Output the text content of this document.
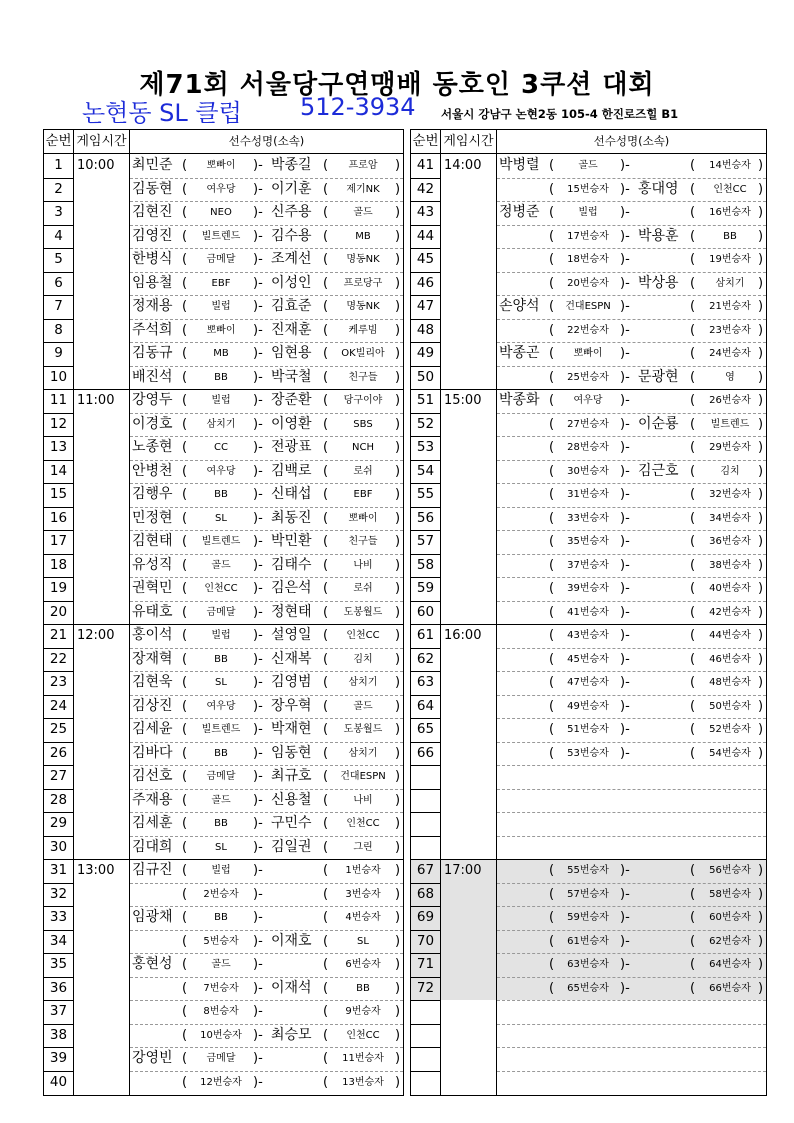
제71회 서울당구연맹배 동호인 3쿠션 대회
논현동 SL 클럽 512-3934 서울시 강남구 논현2동 105-4 한진로즈힐 B1
순번 게임시간	선수성명(소속)
1	10:00	최민준 (	뽀빠이	)- 박종길 (	프로암	)
2	김동현 (	여우당	)- 이기훈 (	제기NK	)
3	김현진 (	NEO	)- 신주용 (	골드	)
4	김영진 (	빌트렌드 )- 김수용 (	MB	)
5	한병식 (	금메달	)- 조계선 (	명동NK	)
6	임용철 (	EBF	)- 이성인 (	프로당구 )
7	정재용 (	빌럽	)- 김효준 (	명동NK	)
8	주석희 (	뽀빠이	)- 진재훈 (	케루빔	)
9	김동규 (	MB	)- 임현용 (	OK빌리아 )
10	배진석 (	BB	)- 박국철 (	친구들	)
11 11:00	강영두 (	빌럽	)- 장준환 (	당구이야 )
12	이경호 (	삼치기	)- 이영환 (	SBS	)
13	노종현 (	CC	)- 전광표 (	NCH	)
14	안병천 (	여우당	)- 김백로 (	로쉬	)
15	김행우 (	BB	)- 신태섭 (	EBF	)
16	민정현 (	SL	)- 최동진 (	뽀빠이	)
17	김현태 (	빌트렌드 )- 박민환 (	친구들	)
18	유성직 (	골드	)- 김태수 (	나비	)
19	권혁민 (	인천CC	)- 김은석 (	로쉬	)
20	유태호 (	금메달	)- 정현태 (	도봉월드 )
21 12:00	홍이석 (	빌럽	)- 설영일 (	인천CC	)
22	장재혁 (	BB	)- 신재복 (	김치	)
23	김현욱 (	SL	)- 김영범 (	삼치기	)
24	김상진 (	여우당	)- 장우혁 (	골드	)
25	김세윤 (	빌트렌드 )- 박재현 (	도봉월드 )
26	김바다 (	BB	)- 임동현 (	삼치기	)
27	김선호 (	금메달	)- 최규호 (	건대ESPN )
28	주재용 (	골드	)- 신용철 (	나비	)
29	김세훈 (	BB	)- 구민수 (	인천CC	)
30	김대희 (	SL	)- 김일권 (	그린	)
31 13:00	김규진 (	빌럽	)-	(	1번승자	)
32	(	2번승자	)-	(	3번승자	)
33	임광채 (	BB	)-	(	4번승자	)
34	(	5번승자	)- 이재호 (	SL	)
35	홍현성 (	골드	)-	(	6번승자	)
36	(	7번승자	)- 이재석 (	BB	)
37	(	8번승자	)-	(	9번승자	)
38	(	10번승자 )- 최승모 (	인천CC	)
39	강영빈 (	금메달	)-	(	11번승자 )
40	(	12번승자 )-	(	13번승자 )
순번 게임시간	선수성명(소속)
41 14:00	박병렬 (	골드	)-	(	14번승자 )
42	(	15번승자 )- 홍대영 (	인천CC )
43	정병준 (	빌럽	)-	(	16번승자 )
44	(	17번승자 )- 박용훈 (	BB	)
45	(	18번승자 )-	(	19번승자 )
46	(	20번승자 )- 박상용 (	삼치기	)
47	손양석 (	건대ESPN )-	(	21번승자 )
48	(	22번승자 )-	(	23번승자 )
49	박종곤 (	뽀빠이	)-	(	24번승자 )
50	(	25번승자 )- 문광현 (	영	)
51 15:00	박종화 (	여우당	)-	(	26번승자 )
52	(	27번승자 )- 이순룡 (	빌트렌드 )
53	(	28번승자 )-	(	29번승자 )
54	(	30번승자 )- 김근호 (	김치	)
55	(	31번승자 )-	(	32번승자 )
56	(	33번승자 )-	(	34번승자 )
57	(	35번승자 )-	(	36번승자 )
58	(	37번승자 )-	(	38번승자 )
59	(	39번승자 )-	(	40번승자 )
60	(	41번승자 )-	(	42번승자 )
61 16:00	(	43번승자 )-	(	44번승자 )
62	(	45번승자 )-	(	46번승자 )
63	(	47번승자 )-	(	48번승자 )
64	(	49번승자 )-	(	50번승자 )
65	(	51번승자 )-	(	52번승자 )
66	(	53번승자 )-	(	54번승자 )
67 17:00	(	55번승자 )-	(	56번승자 )
68	(	57번승자 )-	(	58번승자 )
69	(	59번승자 )-	(	60번승자 )
70	(	61번승자 )-	(	62번승자 )
71	(	63번승자 )-	(	64번승자 )
72	(	65번승자 )-	(	66번승자 )
